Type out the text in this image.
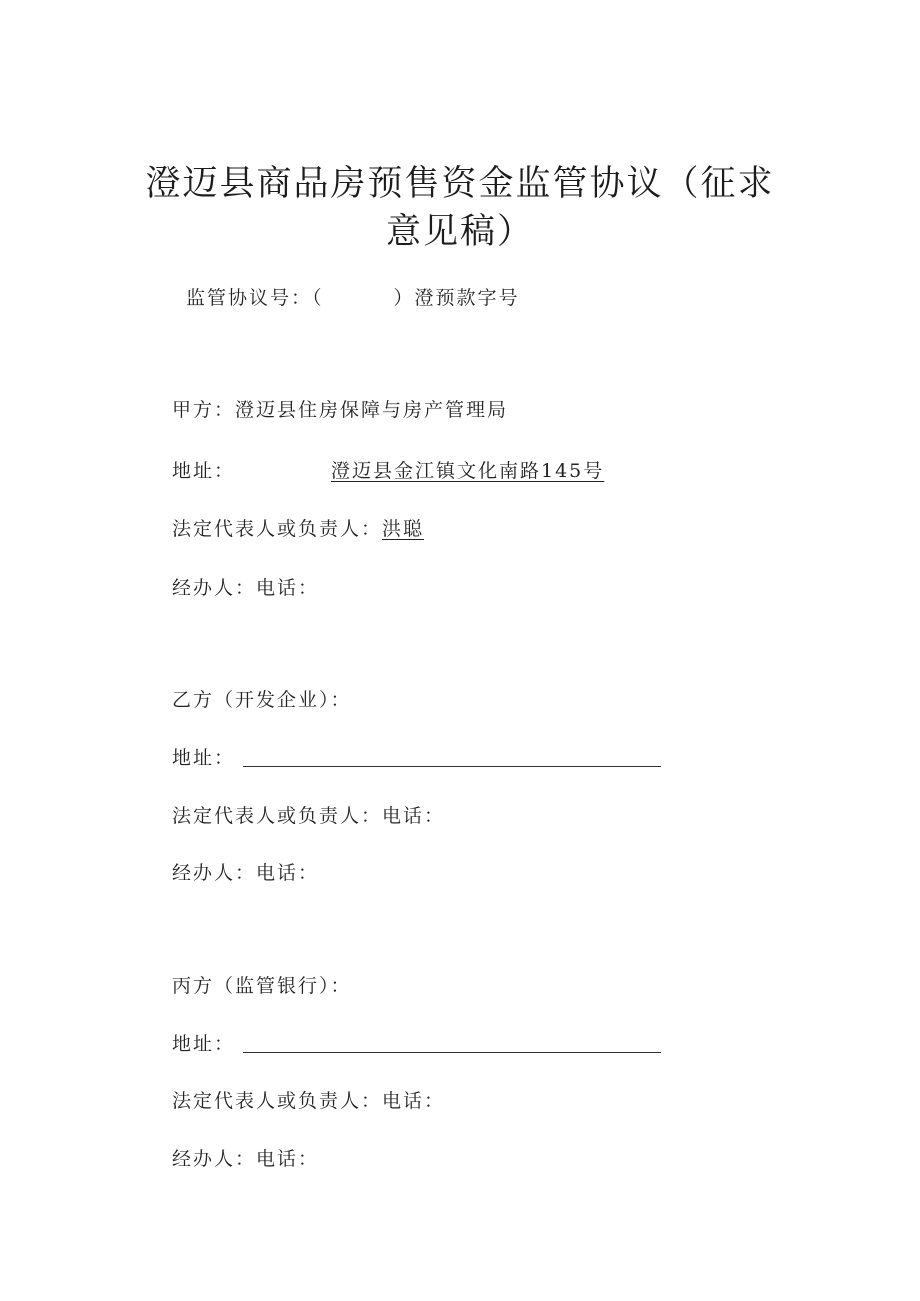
澄迈县商品房预售资金监管协议（征求意见稿）
监管协议号：（	）澄预款字号
甲方：澄迈县住房保障与房产管理局
地址：	澄迈县金江镇文化南路145号
法定代表人或负责人：洪聪
经办人：电话：
乙方（开发企业）：
地址：
法定代表人或负责人：电话：
经办人：电话：
丙方（监管银行）：
地址：
法定代表人或负责人：电话：
经办人：电话：
